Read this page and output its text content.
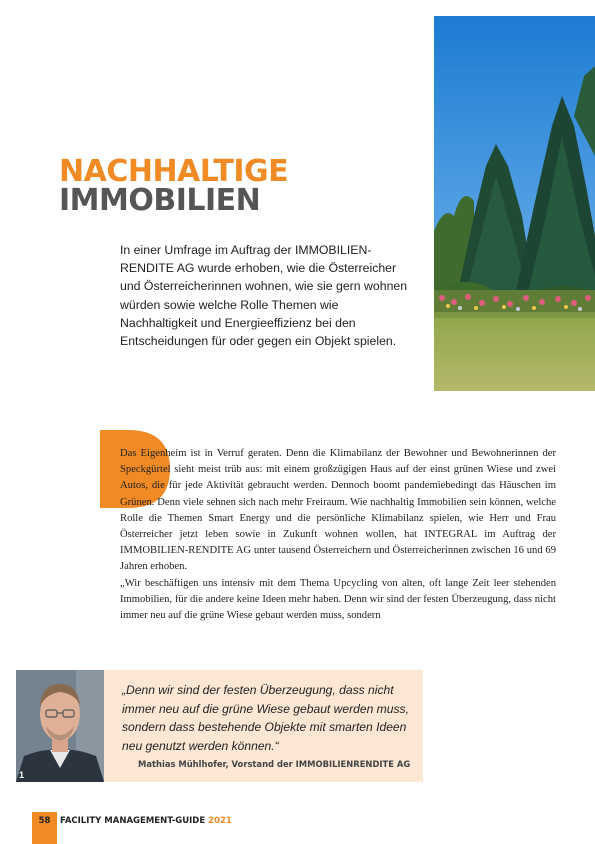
NACHHALTIGE
IMMOBILIEN

In einer Umfrage im Auftrag der IMMOBILIEN-RENDITE AG wurde erhoben, wie die Österreicher und Österreicherinnen wohnen, wie sie gern wohnen würden sowie welche Rolle Themen wie Nachhaltigkeit und Energieeffizienz bei den Entscheidungen für oder gegen ein Objekt spielen.

Das Eigenheim ist in Verruf geraten. Denn die Klimabilanz der Bewohner und Bewohnerinnen der Speckgürtel sieht meist trüb aus: mit einem großzügigen Haus auf der einst grünen Wiese und zwei Autos, die für jede Aktivität gebraucht werden. Dennoch boomt pandemiebedingt das Häuschen im Grünen. Denn viele sehnen sich nach mehr Freiraum. Wie nachhaltig Immobilien sein können, welche Rolle die Themen Smart Energy und die persönliche Klimabilanz spielen, wie Herr und Frau Österreicher jetzt leben sowie in Zukunft wohnen wollen, hat INTEGRAL im Auftrag der IMMOBILIEN-RENDITE AG unter tausend Österreichern und Österreicherinnen zwischen 16 und 69 Jahren erhoben.

„Wir beschäftigen uns intensiv mit dem Thema Upcycling von alten, oft lange Zeit leer stehenden Immobilien, für die andere keine Ideen mehr haben. Denn wir sind der festen Überzeugung, dass nicht immer neu auf die grüne Wiese gebaut werden muss, sondern

1

„Denn wir sind der festen Überzeugung, dass nicht immer neu auf die grüne Wiese gebaut werden muss, sondern dass bestehende Objekte mit smarten Ideen neu genutzt werden können.“

Mathias Mühlhofer, Vorstand der IMMOBILIENRENDITE AG

58	FACILITY MANAGEMENT-GUIDE 2021
